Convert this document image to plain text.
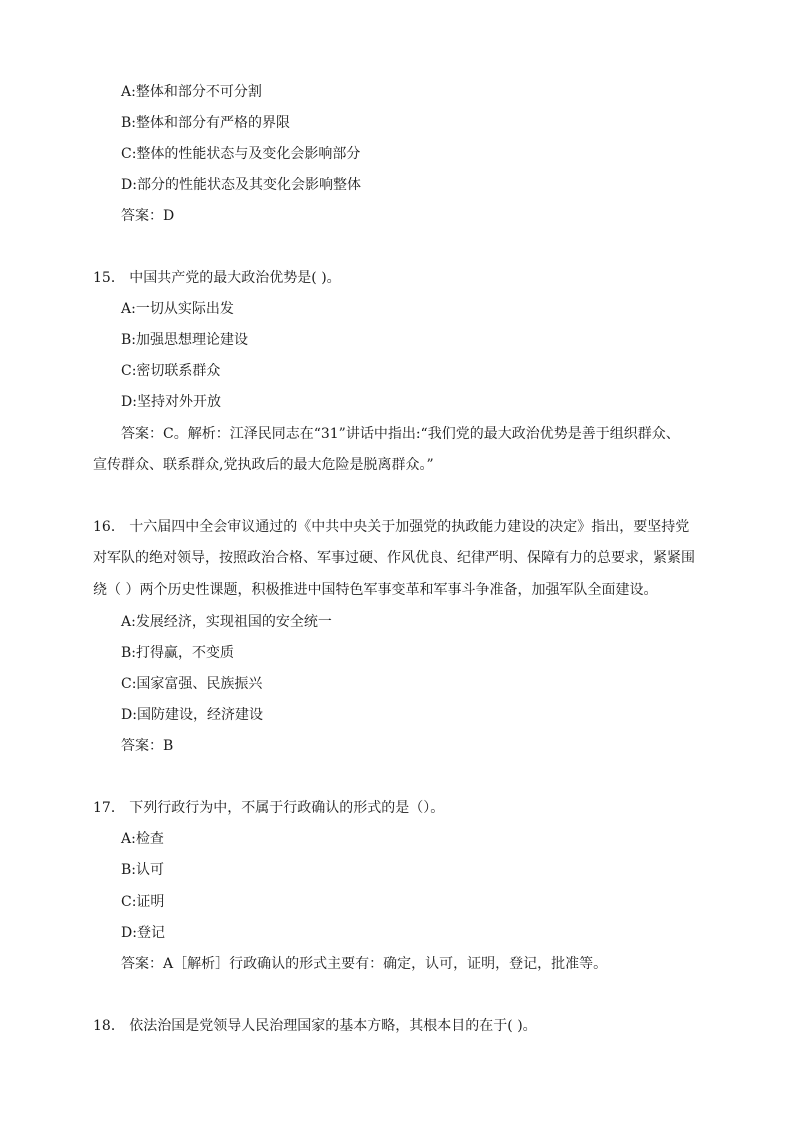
A:整体和部分不可分割
B:整体和部分有严格的界限
C:整体的性能状态与及变化会影响部分
D:部分的性能状态及其变化会影响整体
答案：D
15． 中国共产党的最大政治优势是( )。
A:一切从实际出发
B:加强思想理论建设
C:密切联系群众
D:坚持对外开放
答案：C。解析：江泽民同志在“31”讲话中指出:“我们党的最大政治优势是善于组织群众、
宣传群众、联系群众,党执政后的最大危险是脱离群众。”
16． 十六届四中全会审议通过的《中共中央关于加强党的执政能力建设的决定》指出，要坚持党
对军队的绝对领导，按照政治合格、军事过硬、作风优良、纪律严明、保障有力的总要求，紧紧围
绕（ ）两个历史性课题，积极推进中国特色军事变革和军事斗争准备，加强军队全面建设。
A:发展经济，实现祖国的安全统一
B:打得赢，不变质
C:国家富强、民族振兴
D:国防建设，经济建设
答案：B
17． 下列行政行为中，不属于行政确认的形式的是（）。
A:检查
B:认可
C:证明
D:登记
答案：A［解析］行政确认的形式主要有：确定，认可，证明，登记，批准等。
18． 依法治国是党领导人民治理国家的基本方略，其根本目的在于( )。
